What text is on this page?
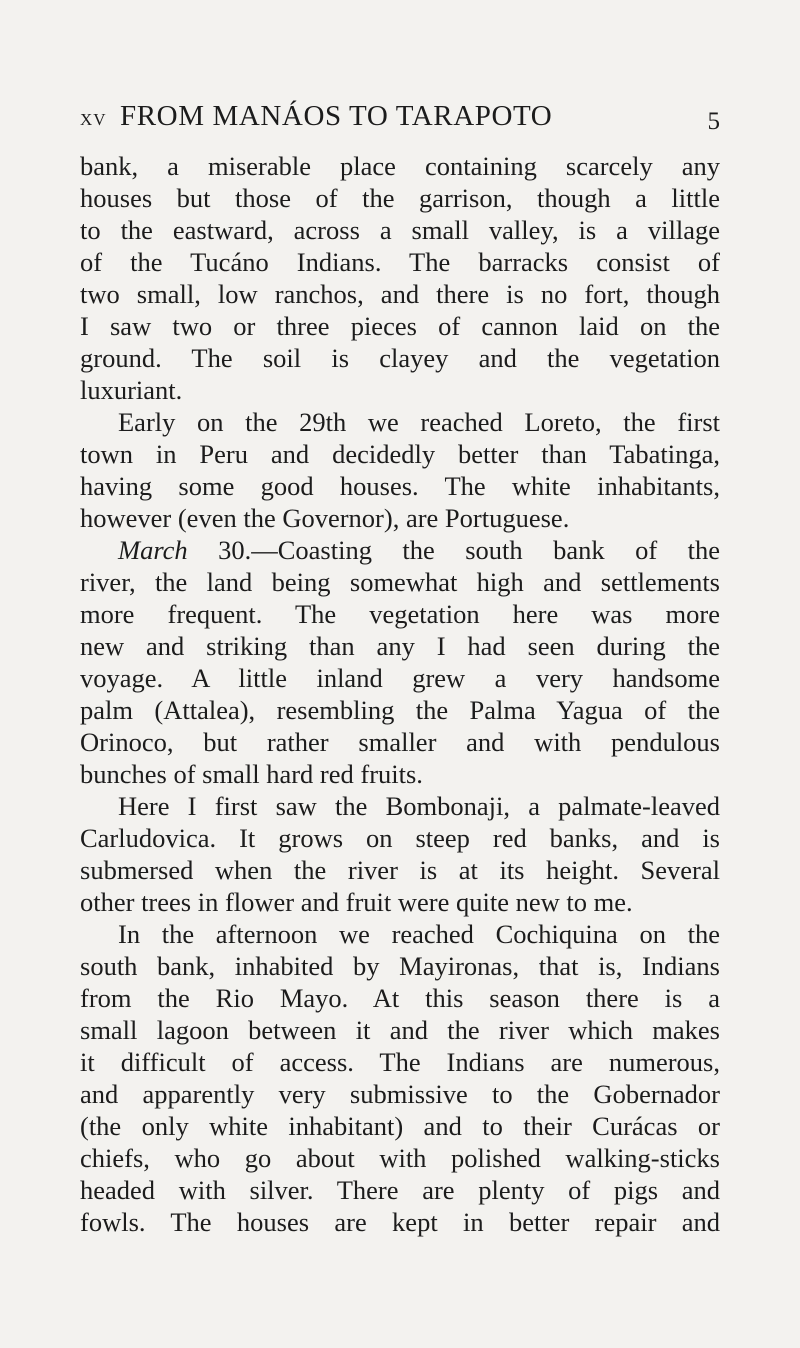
XV FROM MANÁOS TO TARAPOTO	5
bank, a miserable place containing scarcely any
houses but those of the garrison, though a little
to the eastward, across a small valley, is a village
of the Tucáno Indians. The barracks consist of
two small, low ranchos, and there is no fort, though
I saw two or three pieces of cannon laid on the
ground. The soil is clayey and the vegetation
luxuriant.
Early on the 29th we reached Loreto, the first
town in Peru and decidedly better than Tabatinga,
having some good houses. The white inhabitants,
however (even the Governor), are Portuguese.
March 30.—Coasting the south bank of the
river, the land being somewhat high and settlements
more frequent. The vegetation here was more
new and striking than any I had seen during the
voyage. A little inland grew a very handsome
palm (Attalea), resembling the Palma Yagua of the
Orinoco, but rather smaller and with pendulous
bunches of small hard red fruits.
Here I first saw the Bombonaji, a palmate-leaved
Carludovica. It grows on steep red banks, and is
submersed when the river is at its height. Several
other trees in flower and fruit were quite new to me.
In the afternoon we reached Cochiquina on the
south bank, inhabited by Mayironas, that is, Indians
from the Rio Mayo. At this season there is a
small lagoon between it and the river which makes
it difficult of access. The Indians are numerous,
and apparently very submissive to the Gobernador
(the only white inhabitant) and to their Curácas or
chiefs, who go about with polished walking-sticks
headed with silver. There are plenty of pigs and
fowls. The houses are kept in better repair and
